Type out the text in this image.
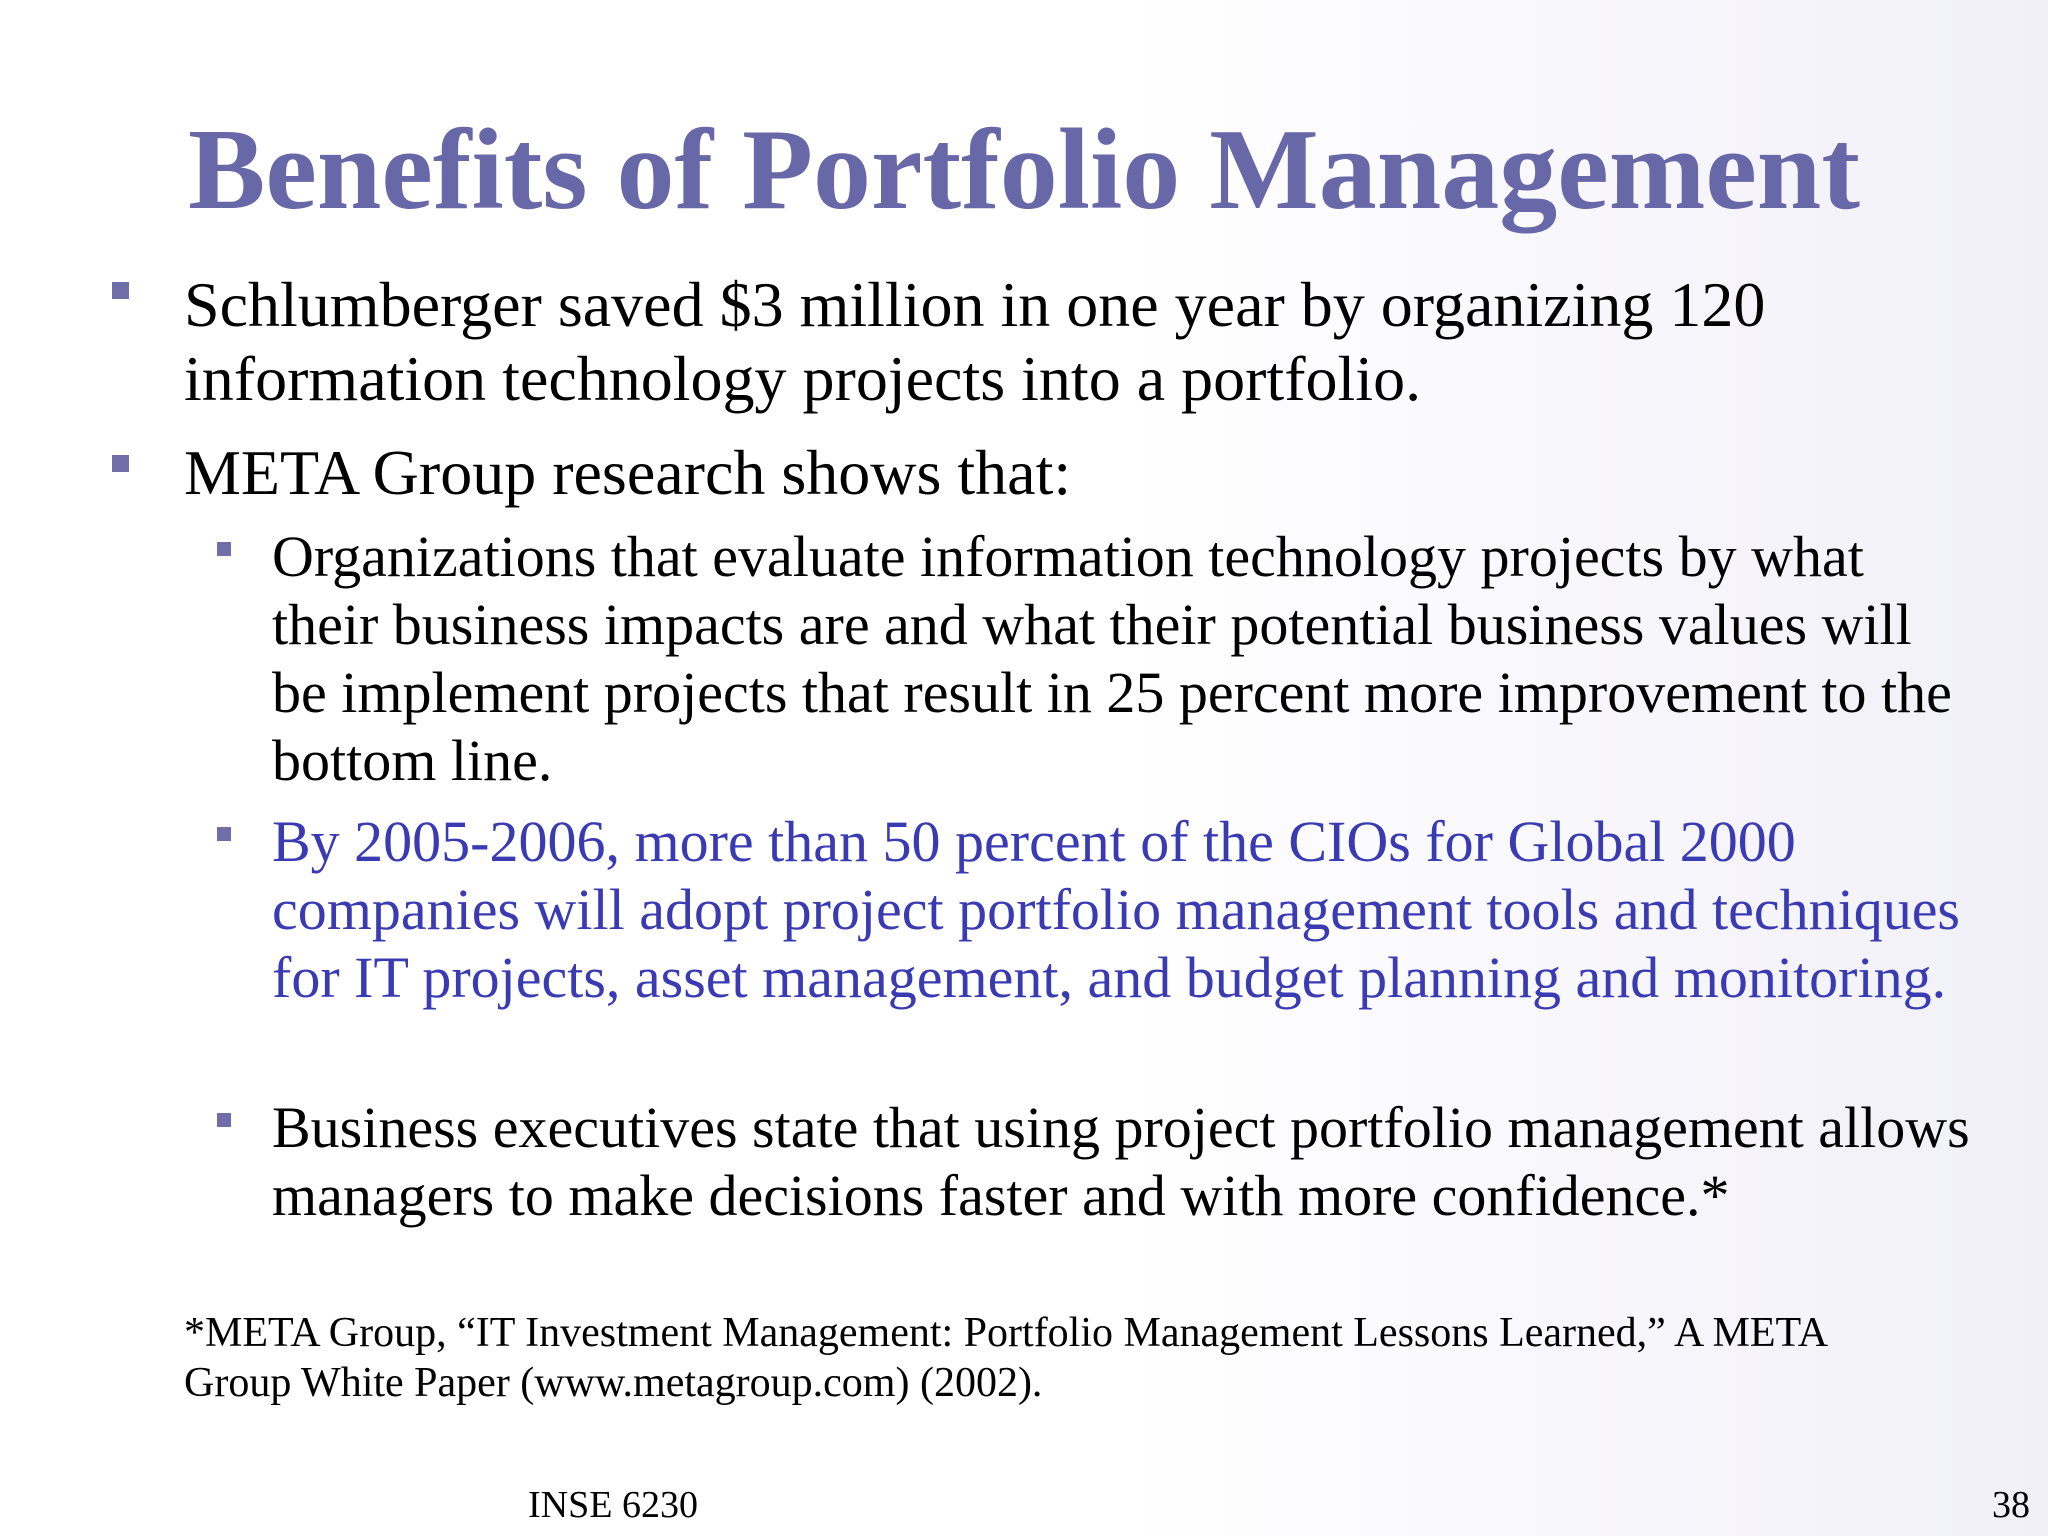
Benefits of Portfolio Management

Schlumberger saved $3 million in one year by organizing 120 information technology projects into a portfolio.

META Group research shows that:

Organizations that evaluate information technology projects by what their business impacts are and what their potential business values will be implement projects that result in 25 percent more improvement to the bottom line.

By 2005-2006, more than 50 percent of the CIOs for Global 2000 companies will adopt project portfolio management tools and techniques for IT projects, asset management, and budget planning and monitoring.

Business executives state that using project portfolio management allows managers to make decisions faster and with more confidence.*

*META Group, “IT Investment Management: Portfolio Management Lessons Learned,” A META Group White Paper (www.metagroup.com) (2002).

INSE 6230	38
